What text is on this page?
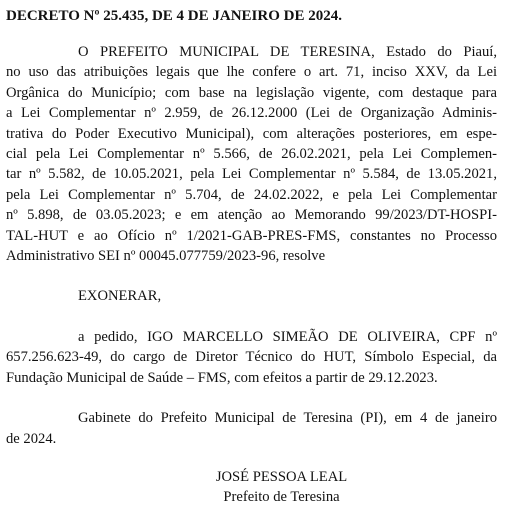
DECRETO Nº 25.435, DE 4 DE JANEIRO DE 2024.
O PREFEITO MUNICIPAL DE TERESINA, Estado do Piauí,
no uso das atribuições legais que lhe confere o art. 71, inciso XXV, da Lei
Orgânica do Município; com base na legislação vigente, com destaque para
a Lei Complementar nº 2.959, de 26.12.2000 (Lei de Organização Adminis-
trativa do Poder Executivo Municipal), com alterações posteriores, em espe-
cial pela Lei Complementar nº 5.566, de 26.02.2021, pela Lei Complemen-
tar nº 5.582, de 10.05.2021, pela Lei Complementar nº 5.584, de 13.05.2021,
pela Lei Complementar nº 5.704, de 24.02.2022, e pela Lei Complementar
nº 5.898, de 03.05.2023; e em atenção ao Memorando 99/2023/DT-HOSPI-
TAL-HUT e ao Ofício nº 1/2021-GAB-PRES-FMS, constantes no Processo
Administrativo SEI nº 00045.077759/2023-96, resolve
EXONERAR,
a pedido, IGO MARCELLO SIMEÃO DE OLIVEIRA, CPF nº
657.256.623-49, do cargo de Diretor Técnico do HUT, Símbolo Especial, da
Fundação Municipal de Saúde – FMS, com efeitos a partir de 29.12.2023.
Gabinete do Prefeito Municipal de Teresina (PI), em 4 de janeiro
de 2024.
JOSÉ PESSOA LEAL
Prefeito de Teresina
